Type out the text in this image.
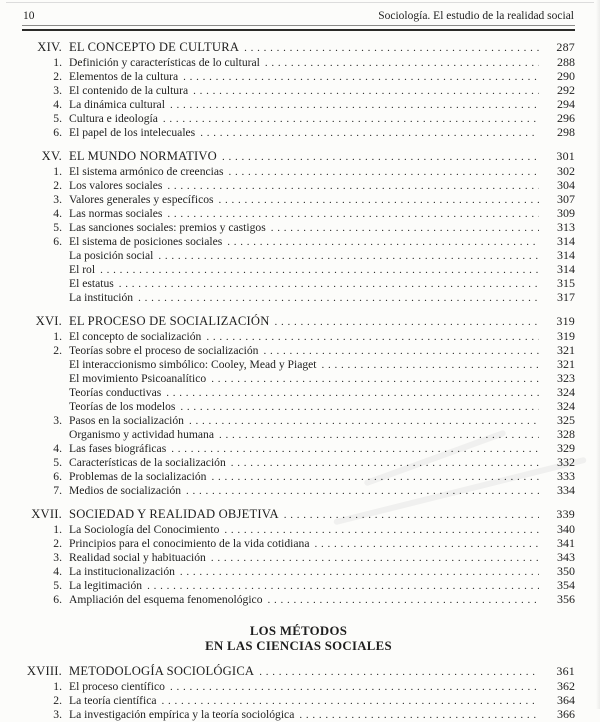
10	Sociología. El estudio de la realidad social
XIV. EL CONCEPTO DE CULTURA . . .	287
1. Definición y características de lo cultural . . .	288
2. Elementos de la cultura . . .	290
3. El contenido de la cultura . . .	292
4. La dinámica cultural . . .	294
5. Cultura e ideología . . .	296
6. El papel de los intelecuales . . .	298
XV. EL MUNDO NORMATIVO . . .	301
1. El sistema armónico de creencias . . .	302
2. Los valores sociales . . .	304
3. Valores generales y específicos . . .	307
4. Las normas sociales . . .	309
5. Las sanciones sociales: premios y castigos . . .	313
6. El sistema de posiciones sociales . . .	314
La posición social . . .	314
El rol . . .	314
El estatus . . .	315
La institución . . .	317
XVI. EL PROCESO DE SOCIALIZACIÓN . . .	319
1. El concepto de socialización . . .	319
2. Teorías sobre el proceso de socialización . . .	321
El interaccionismo simbólico: Cooley, Mead y Piaget . . .	321
El movimiento Psicoanalítico . . .	323
Teorías conductivas . . .	324
Teorías de los modelos . . .	324
3. Pasos en la socialización . . .	325
Organismo y actividad humana . . .	328
4. Las fases biográficas . . .	329
5. Características de la socialización . . .	332
6. Problemas de la socialización . . .	333
7. Medios de socialización . . .	334
XVII. SOCIEDAD Y REALIDAD OBJETIVA . . .	339
1. La Sociología del Conocimiento . . .	340
2. Principios para el conocimiento de la vida cotidiana . . .	341
3. Realidad social y habituación . . .	343
4. La institucionalización . . .	350
5. La legitimación . . .	354
6. Ampliación del esquema fenomenológico . . .	356
LOS MÉTODOS
EN LAS CIENCIAS SOCIALES
XVIII. METODOLOGÍA SOCIOLÓGICA . . .	361
1. El proceso científico . . .	362
2. La teoría científica . . .	364
3. La investigación empírica y la teoría sociológica . . .	366
